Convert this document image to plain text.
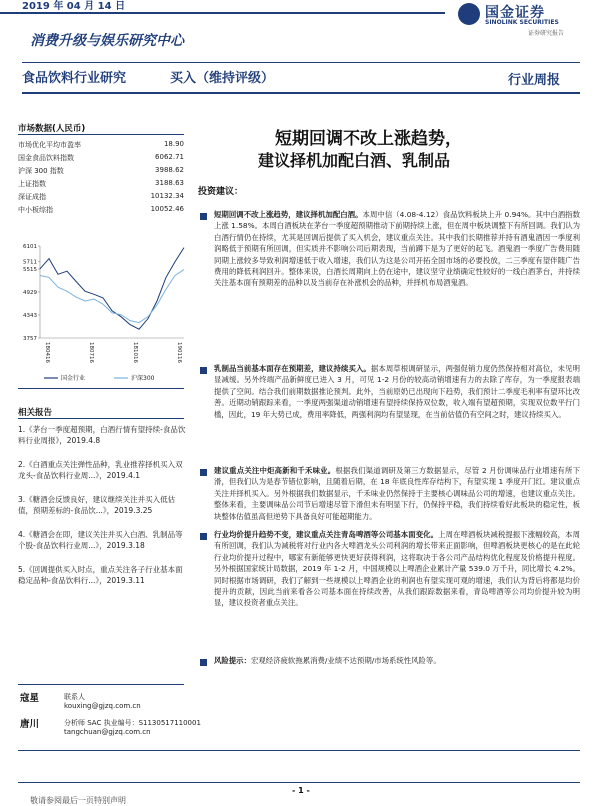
2019 年 04 月 14 日	国金证券
SINOLINK SECURITIES
证券研究报告
消费升级与娱乐研究中心
食品饮料行业研究	买入（维持评级）	行业周报
市场数据(人民币)
市场优化平均市盈率	18.90
国金食品饮料指数	6062.71
沪深 300 指数	3988.62
上证指数	3188.63
深证成指	10132.34
中小板综指	10052.46
3757
4343
4929
5515
5711
6101
180416	180716	181016	190116
国金行业	沪深300
相关报告
1.《茅台一季度超预期，白酒行情有望持续-食品饮料行业周报》，2019.4.8
2.《白酒重点关注弹性品种，乳业推荐择机买入双龙头-食品饮料行业周...》，2019.4.1
3.《糖酒会反馈良好，建议继续关注并买入低估值，预期差标的-食品饮...》，2019.3.25
4.《糖酒会在即，建议关注并买入白酒、乳制品等个股-食品饮料行业周...》，2019.3.18
5.《回调提供买入时点，重点关注各子行业基本面稳定品种-食品饮料行...》，2019.3.11
短期回调不改上涨趋势，
建议择机加配白酒、乳制品
投资建议：
短期回调不改上涨趋势，建议择机加配白酒。本周中信（4.08-4.12）食品饮料板块上升 0.94%。其中白酒指数上涨 1.58%。本周白酒板块在茅台一季度超预期推动下前期持续上涨，但在周中板块调整下有所回调。我们认为白酒行情仍在持续，尤其是回调后提供了买入机会，建议重点关注。其中我们长期推荐并持有酒鬼酒因一季度利润略低于预期有所回调，但实质并不影响公司后期表现，当前蹲下是为了更好的起飞。酒鬼酒一季度广告费用随同期上涨较多导致利润增速低于收入增速，我们认为这是公司开拓全国市场的必要投放，二三季度有望伴随广告费用的降低利润回升。整体来说，白酒长周期向上仍在途中，建议坚守业绩确定性较好的一线白酒茅台，并持续关注基本面有预期差的品种以及当前存在补涨机会的品种，并择机布局酒鬼酒。
乳制品当前基本面存在预期差，建议持续买入。据本周草根调研显示，两强促销力度仍然保持相对高位，未见明显减缓。另外终端产品新鲜度已进入 3 月，可见 1-2 月份的较高动销增速有力的去除了库存，为一季度报表端提供了空间。结合我们前期数据推论预判。此外，当前原奶已出现向下趋势，我们预计二季度毛利率有望环比改善。近期动销跟踪来看，一季度两强渠道动销增速有望持续保持双位数，收入端有望超预期，实现双位数平行门槛，因此，19 年大势已成，费用率降低，两强利润均有望显现，在当前估值仍有空间之时，建议持续买入。
建议重点关注中炬高新和千禾味业。根据我们渠道调研及第三方数据显示，尽管 2 月份调味品行业增速有所下滑，但我们认为是春节错位影响，且随着后期，在 18 年底良性库存结构下，有望实现 1 季度开门红。建议重点关注并择机买入。另外根据我们数据显示，千禾味业仍然保持于主要核心调味品公司的增速，也建议重点关注。整体来看，主要调味品公司节后增速尽管下滑但未有明显下行，仍保持平稳，我们持续看好此板块的稳定性，板块整体估值虽高但逆势下具备良好可能超期能力。
行业均价提升趋势不变，建议重点关注青岛啤酒等公司基本面变化。上周在啤酒板块减税提振下涨幅较高，本周有所回调，我们认为减税将对行业内各大啤酒龙头公司利润的增长带来正面影响，但啤酒板块更核心的是在此轮行业均价提升过程中，哪家有新能够更快更好获得利润，这将取决于各公司产品结构优化程度及价格提升程度。另外根据国家统计局数据，2019 年 1-2 月，中国规模以上啤酒企业累计产量 539.0 万千升，同比增长 4.2%。同时根据市场调研，我们了解到一些规模以上啤酒企业的利润也有望实现可观的增速，我们认为背后将都是均价提升的贡献，因此当前来看各公司基本面在持续改善，从我们跟踪数据来看，青岛啤酒等公司均价提升较为明显，建议投资者重点关注。
风险提示：宏观经济疲软拖累消费/业绩不达预期/市场系统性风险等。
寇星	联系人
kouxing@gjzq.com.cn
唐川	分析师 SAC 执业编号：S1130517110001
tangchuan@gjzq.com.cn
- 1 -
敬请参阅最后一页特别声明
